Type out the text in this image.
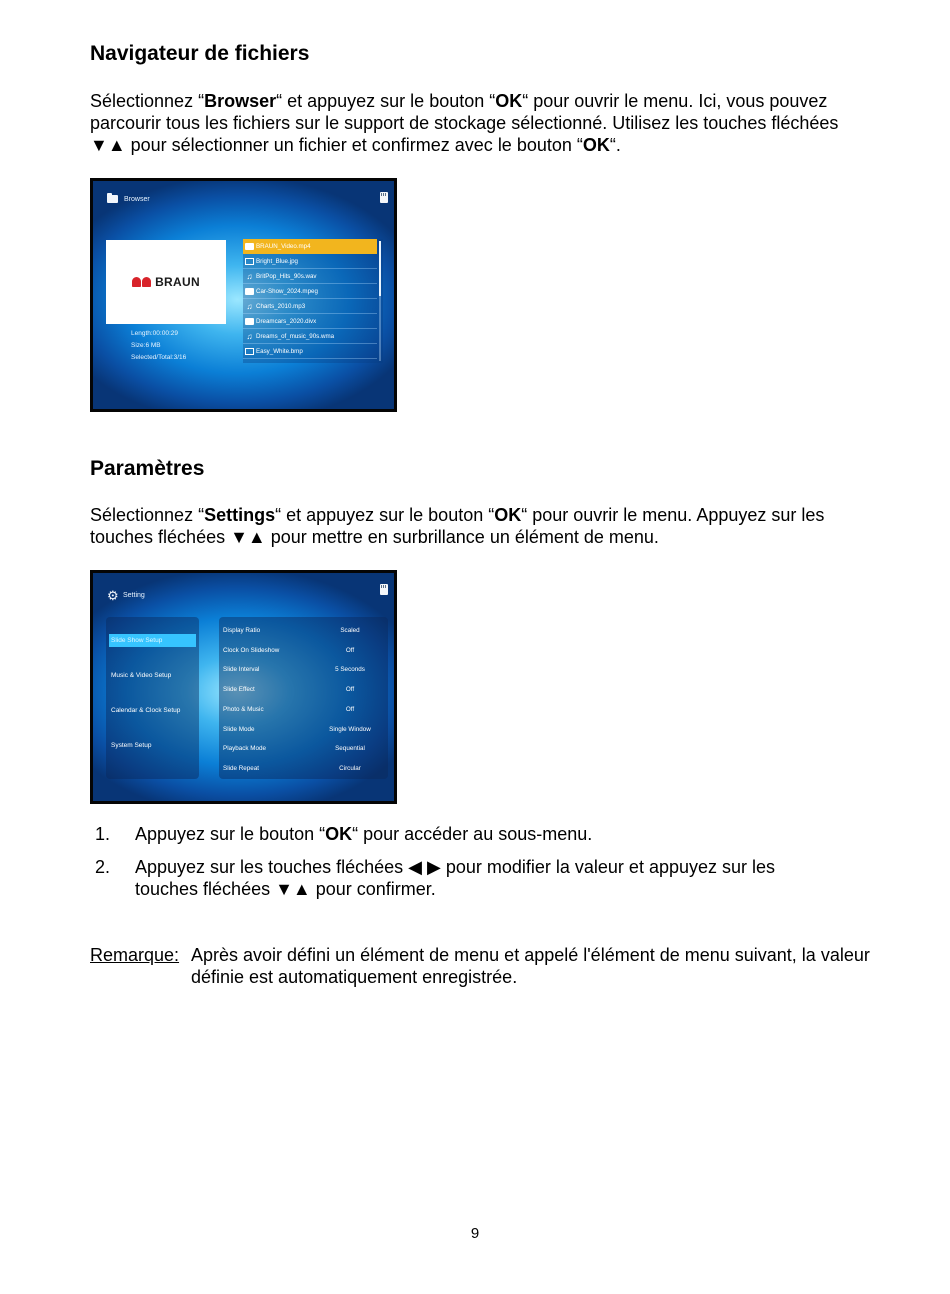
Navigateur de fichiers

Sélectionnez “Browser“ et appuyez sur le bouton “OK“ pour ouvrir le menu. Ici, vous pouvez parcourir tous les fichiers sur le support de stockage sélectionné. Utilisez les touches fléchées ▼▲ pour sélectionner un fichier et confirmez avec le bouton “OK“.

Browser
BRAUN
Length:00:00:29
Size:6 MB
Selected/Total:3/16
BRAUN_Video.mp4
Bright_Blue.jpg
♫ BritPop_Hits_90s.wav
Car-Show_2024.mpeg
♫ Charts_2010.mp3
Dreamcars_2020.divx
♫ Dreams_of_music_90s.wma
Easy_White.bmp
Paramètres

Sélectionnez “Settings“ et appuyez sur le bouton “OK“ pour ouvrir le menu. Appuyez sur les touches fléchées ▼▲ pour mettre en surbrillance un élément de menu.

⚙ Setting
Slide Show Setup
Music & Video Setup
Calendar & Clock Setup
System Setup
Display Ratio	Scaled
Clock On Slideshow	Off
Slide Interval	5 Seconds
Slide Effect	Off
Photo & Music	Off
Slide Mode	Single Window
Playback Mode	Sequential
Slide Repeat	Circular
1. Appuyez sur le bouton “OK“ pour accéder au sous-menu.
2. Appuyez sur les touches fléchées ◀ ▶ pour modifier la valeur et appuyez sur les touches fléchées ▼▲ pour confirmer.
Remarque: Après avoir défini un élément de menu et appelé l'élément de menu suivant, la valeur définie est automatiquement enregistrée.
9
